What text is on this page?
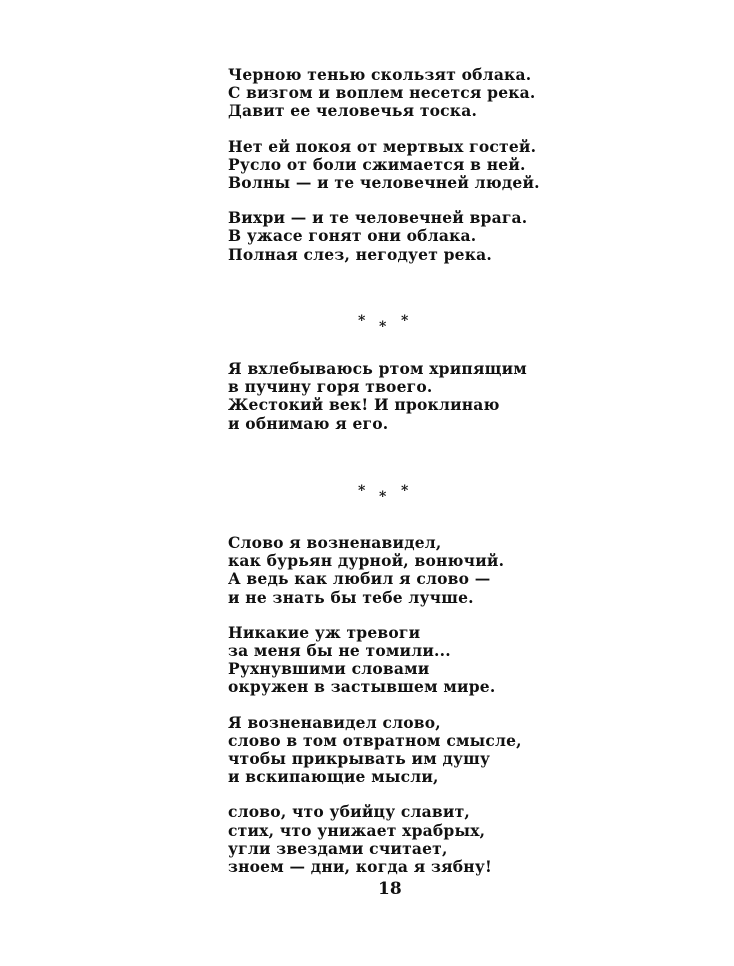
Черною тенью скользят облака.
С визгом и воплем несется река.
Давит ее человечья тоска.
Нет ей покоя от мертвых гостей.
Русло от боли сжимается в ней.
Волны — и те человечней людей.
Вихри — и те человечней врага.
В ужасе гонят они облака.
Полная слез, негодует река.
* * *
Я вхлебываюсь ртом хрипящим
в пучину горя твоего.
Жестокий век! И проклинаю
и обнимаю я его.
* * *
Слово я возненавидел,
как бурьян дурной, вонючий.
А ведь как любил я слово —
и не знать бы тебе лучше.
Никакие уж тревоги
за меня бы не томили...
Рухнувшими словами
окружен в застывшем мире.
Я возненавидел слово,
слово в том отвратном смысле,
чтобы прикрывать им душу
и вскипающие мысли,
слово, что убийцу славит,
стих, что унижает храбрых,
угли звездами считает,
зноем — дни, когда я зябну!
18
